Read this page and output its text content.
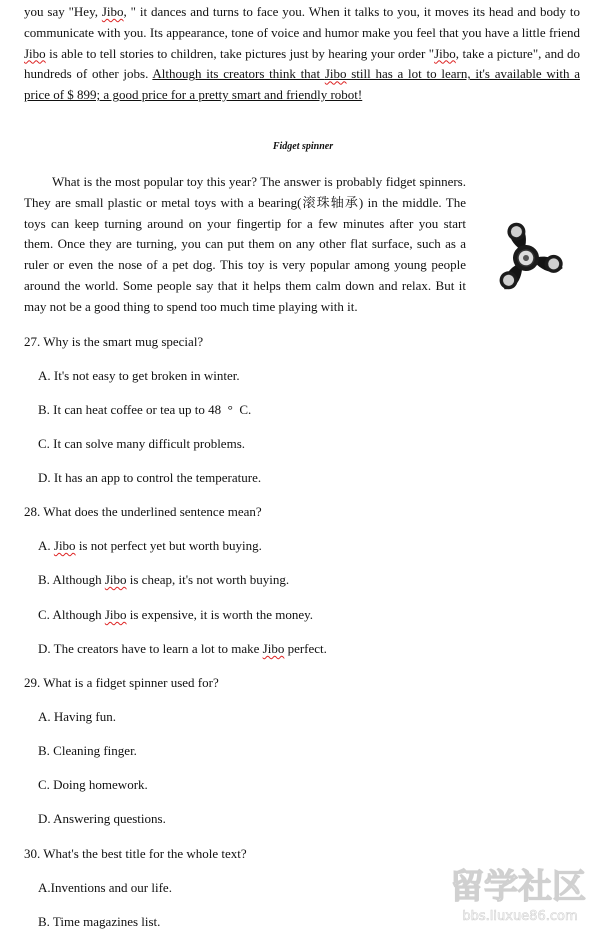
you say "Hey, Jibo, " it dances and turns to face you. When it talks to you, it moves its head and body to communicate with you. Its appearance, tone of voice and humor make you feel that you have a little friend Jibo is able to tell stories to children, take pictures just by hearing your order "Jibo, take a picture", and do hundreds of other jobs. Although its creators think that Jibo still has a lot to learn, it's available with a price of $ 899; a good price for a pretty smart and friendly robot!

Fidget spinner

What is the most popular toy this year? The answer is probably fidget spinners. They are small plastic or metal toys with a bearing(滚珠轴承) in the middle. The toys can keep turning around on your fingertip for a few minutes after you start them. Once they are turning, you can put them on any other flat surface, such as a ruler or even the nose of a pet dog. This toy is very popular among young people around the world. Some people say that it helps them calm down and relax. But it may not be a good thing to spend too much time playing with it.

27. Why is the smart mug special?

A. It's not easy to get broken in winter.

B. It can heat coffee or tea up to 48  °  C.

C. It can solve many difficult problems.

D. It has an app to control the temperature.

28. What does the underlined sentence mean?

A. Jibo is not perfect yet but worth buying.

B. Although Jibo is cheap, it's not worth buying.

C. Although Jibo is expensive, it is worth the money.

D. The creators have to learn a lot to make Jibo perfect.

29. What is a fidget spinner used for?

A. Having fun.

B. Cleaning finger.

C. Doing homework.

D. Answering questions.

30. What's the best title for the whole text?

A.Inventions and our life.

B. Time magazines list.

留学社区
bbs.liuxue86.com
